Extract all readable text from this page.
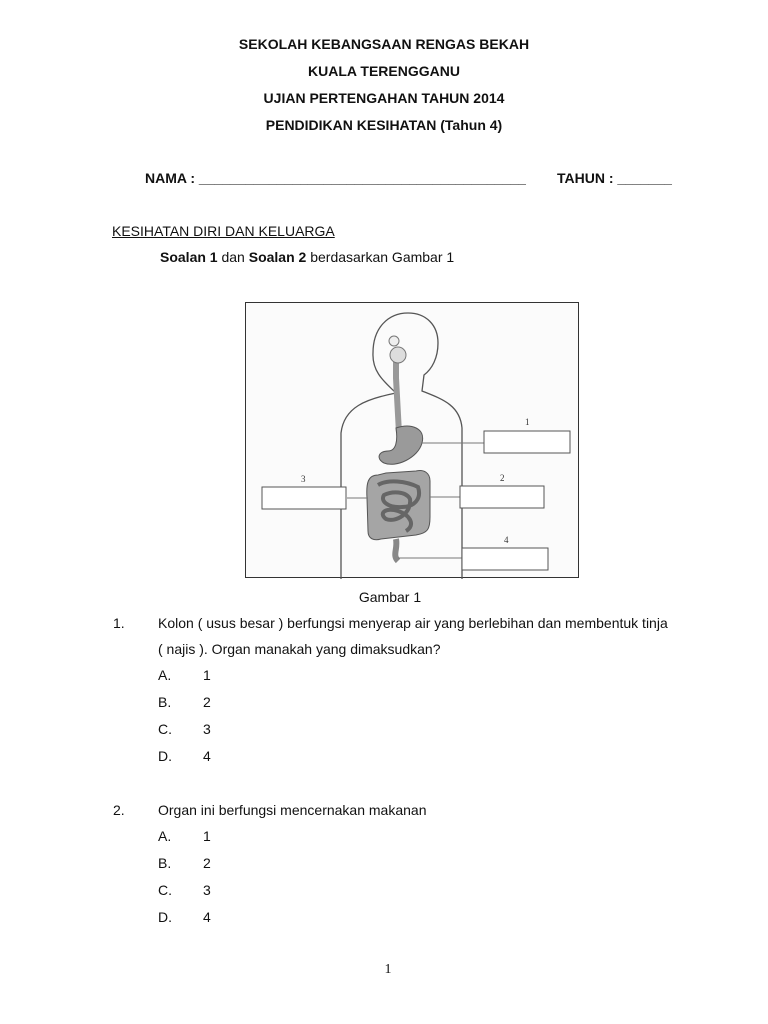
SEKOLAH KEBANGSAAN RENGAS BEKAH
KUALA TERENGGANU
UJIAN PERTENGAHAN TAHUN 2014
PENDIDIKAN KESIHATAN (Tahun 4)
NAMA : __________________________________________ TAHUN : _______
KESIHATAN DIRI DAN KELUARGA
Soalan 1 dan Soalan 2 berdasarkan Gambar 1
1
2
3
4
Gambar 1
1. Kolon ( usus besar ) berfungsi menyerap air yang berlebihan dan membentuk tinja
( najis ). Organ manakah yang dimaksudkan?
A. 1
B. 2
C. 3
D. 4
2. Organ ini berfungsi mencernakan makanan
A. 1
B. 2
C. 3
D. 4
1
